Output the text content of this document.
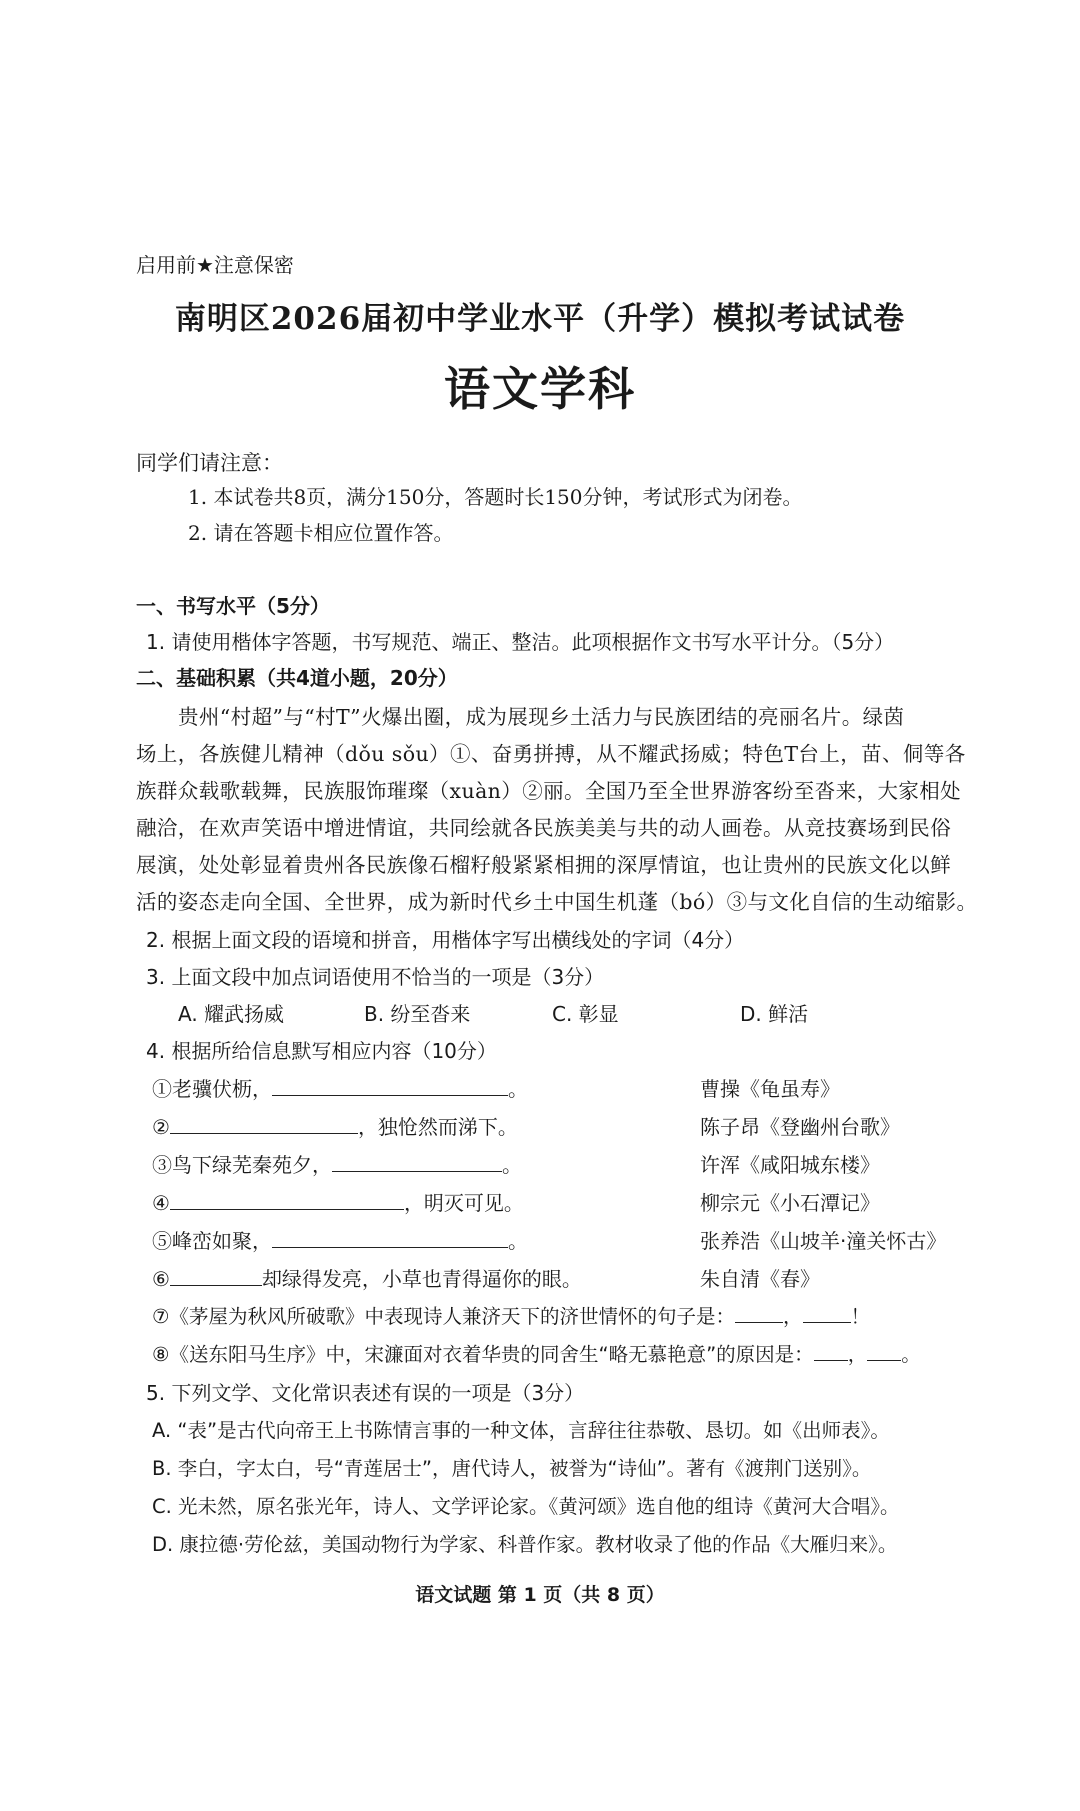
启用前★注意保密
南明区2026届初中学业水平（升学）模拟考试试卷
语文学科
同学们请注意：
1. 本试卷共8页，满分150分，答题时长150分钟，考试形式为闭卷。
2. 请在答题卡相应位置作答。
一、书写水平（5分）
1. 请使用楷体字答题，书写规范、端正、整洁。此项根据作文书写水平计分。（5分）
二、基础积累（共4道小题，20分）
贵州“村超”与“村T”火爆出圈，成为展现乡土活力与民族团结的亮丽名片。绿茵
场上，各族健儿精神（dǒu sǒu）①、奋勇拼搏，从不耀武扬威；特色T台上，苗、侗等各
族群众载歌载舞，民族服饰璀璨（xuàn）②丽。全国乃至全世界游客纷至沓来，大家相处
融洽，在欢声笑语中增进情谊，共同绘就各民族美美与共的动人画卷。从竞技赛场到民俗
展演，处处彰显着贵州各民族像石榴籽般紧紧相拥的深厚情谊，也让贵州的民族文化以鲜
活的姿态走向全国、全世界，成为新时代乡土中国生机蓬（bó）③与文化自信的生动缩影。
2. 根据上面文段的语境和拼音，用楷体字写出横线处的字词（4分）
3. 上面文段中加点词语使用不恰当的一项是（3分）
A. 耀武扬威	B. 纷至沓来	C. 彰显	D. 鲜活
4. 根据所给信息默写相应内容（10分）
①老骥伏枥，	。	曹操《龟虽寿》
②	，独怆然而涕下。	陈子昂《登幽州台歌》
③鸟下绿芜秦苑夕，	。	许浑《咸阳城东楼》
④	，明灭可见。	柳宗元《小石潭记》
⑤峰峦如聚，	。	张养浩《山坡羊·潼关怀古》
⑥	却绿得发亮，小草也青得逼你的眼。	朱自清《春》
⑦《茅屋为秋风所破歌》中表现诗人兼济天下的济世情怀的句子是： ， ！
⑧《送东阳马生序》中，宋濂面对衣着华贵的同舍生“略无慕艳意”的原因是： ， 。
5. 下列文学、文化常识表述有误的一项是（3分）
A. “表”是古代向帝王上书陈情言事的一种文体，言辞往往恭敬、恳切。如《出师表》。
B. 李白，字太白，号“青莲居士”，唐代诗人，被誉为“诗仙”。著有《渡荆门送别》。
C. 光未然，原名张光年，诗人、文学评论家。《黄河颂》选自他的组诗《黄河大合唱》。
D. 康拉德·劳伦兹，美国动物行为学家、科普作家。教材收录了他的作品《大雁归来》。
语文试题 第 1 页（共 8 页）
